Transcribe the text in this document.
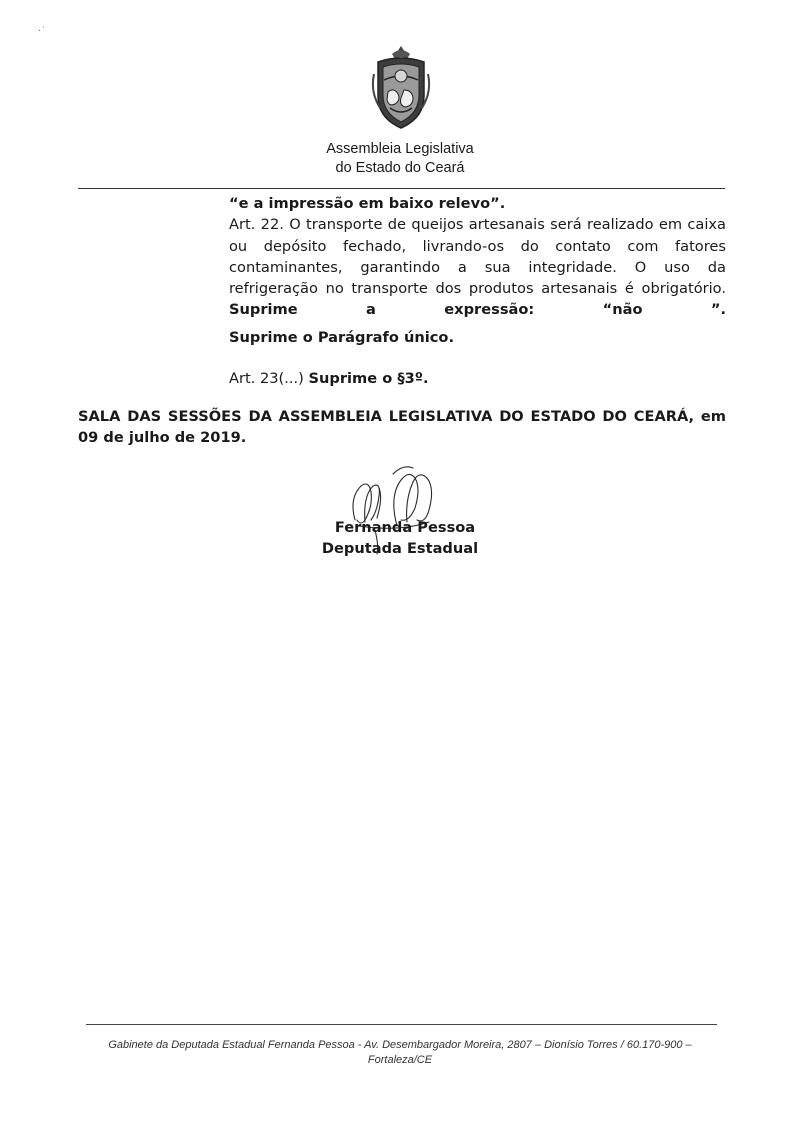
·˙
Assembleia Legislativa
do Estado do Ceará
“e a impressão em baixo relevo”.
Art. 22. O transporte de queijos artesanais será realizado em caixa ou depósito fechado, livrando-os do contato com fatores contaminantes, garantindo a sua integridade. O uso da refrigeração no transporte dos produtos artesanais é obrigatório. Suprime a expressão: “não ”.
Suprime o Parágrafo único.
Art. 23(...) Suprime o §3º.
SALA DAS SESSÕES DA ASSEMBLEIA LEGISLATIVA DO ESTADO DO CEARÁ, em
09 de julho de 2019.
Fernanda Pessoa
Deputada Estadual
Gabinete da Deputada Estadual Fernanda Pessoa - Av. Desembargador Moreira, 2807 – Dionísio Torres / 60.170-900 –
Fortaleza/CE
